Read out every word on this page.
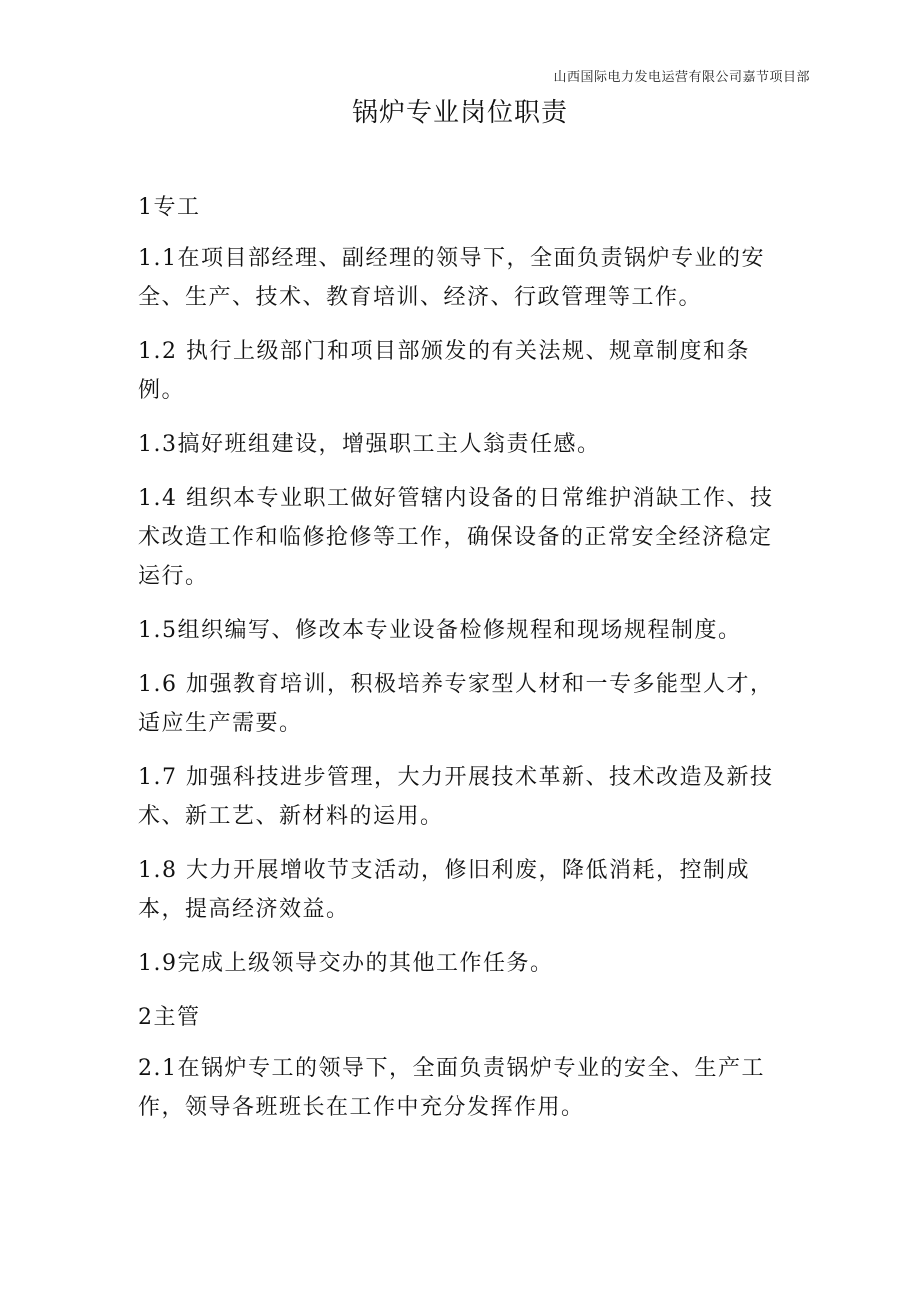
山西国际电力发电运营有限公司嘉节项目部
锅炉专业岗位职责

1专工

1.1在项目部经理、副经理的领导下，全面负责锅炉专业的安全、生产、技术、教育培训、经济、行政管理等工作。

1.2 执行上级部门和项目部颁发的有关法规、规章制度和条例。

1.3搞好班组建设，增强职工主人翁责任感。

1.4 组织本专业职工做好管辖内设备的日常维护消缺工作、技术改造工作和临修抢修等工作，确保设备的正常安全经济稳定运行。

1.5组织编写、修改本专业设备检修规程和现场规程制度。

1.6 加强教育培训，积极培养专家型人材和一专多能型人才，适应生产需要。

1.7 加强科技进步管理，大力开展技术革新、技术改造及新技术、新工艺、新材料的运用。

1.8 大力开展增收节支活动，修旧利废，降低消耗，控制成本，提高经济效益。

1.9完成上级领导交办的其他工作任务。

2主管

2.1在锅炉专工的领导下，全面负责锅炉专业的安全、生产工作，领导各班班长在工作中充分发挥作用。
